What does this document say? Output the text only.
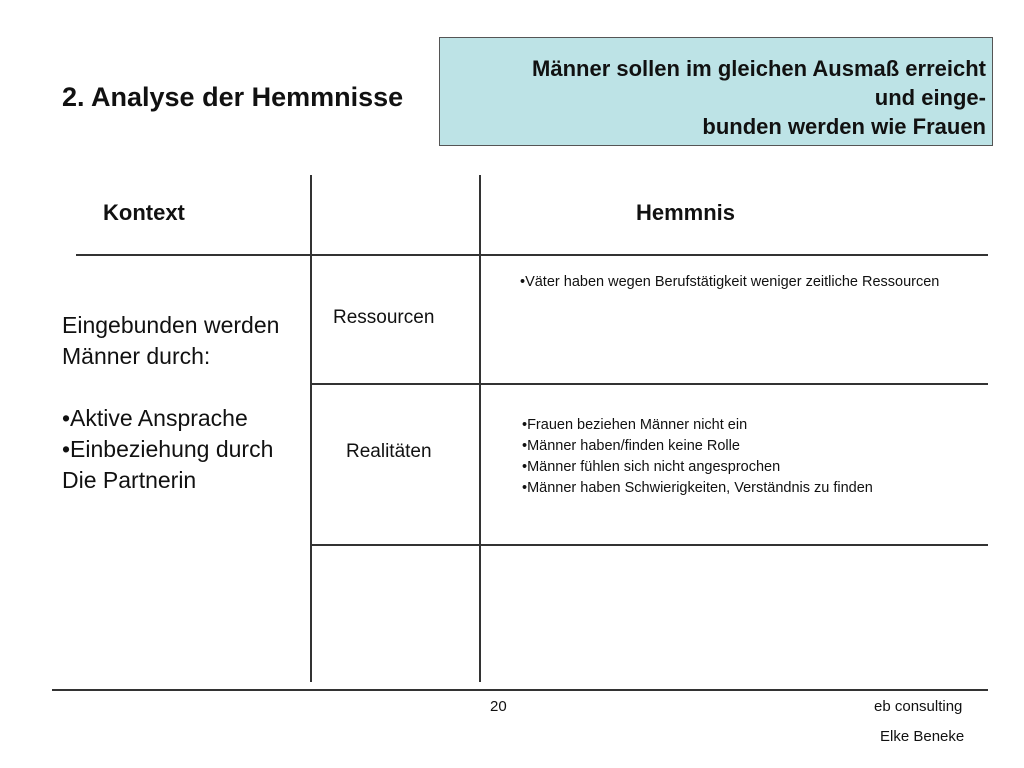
2. Analyse der Hemmnisse
Männer sollen im gleichen Ausmaß erreicht
und einge-
bunden werden wie Frauen
Kontext	Hemmnis
Eingebunden werden
Männer durch:
•Aktive Ansprache
•Einbeziehung durch
Die Partnerin
Ressourcen
Realitäten
•Väter haben wegen Berufstätigkeit weniger zeitliche Ressourcen
•Frauen beziehen Männer nicht ein
•Männer haben/finden keine Rolle
•Männer fühlen sich nicht angesprochen
•Männer haben Schwierigkeiten, Verständnis zu finden
20	eb consulting
Elke Beneke
